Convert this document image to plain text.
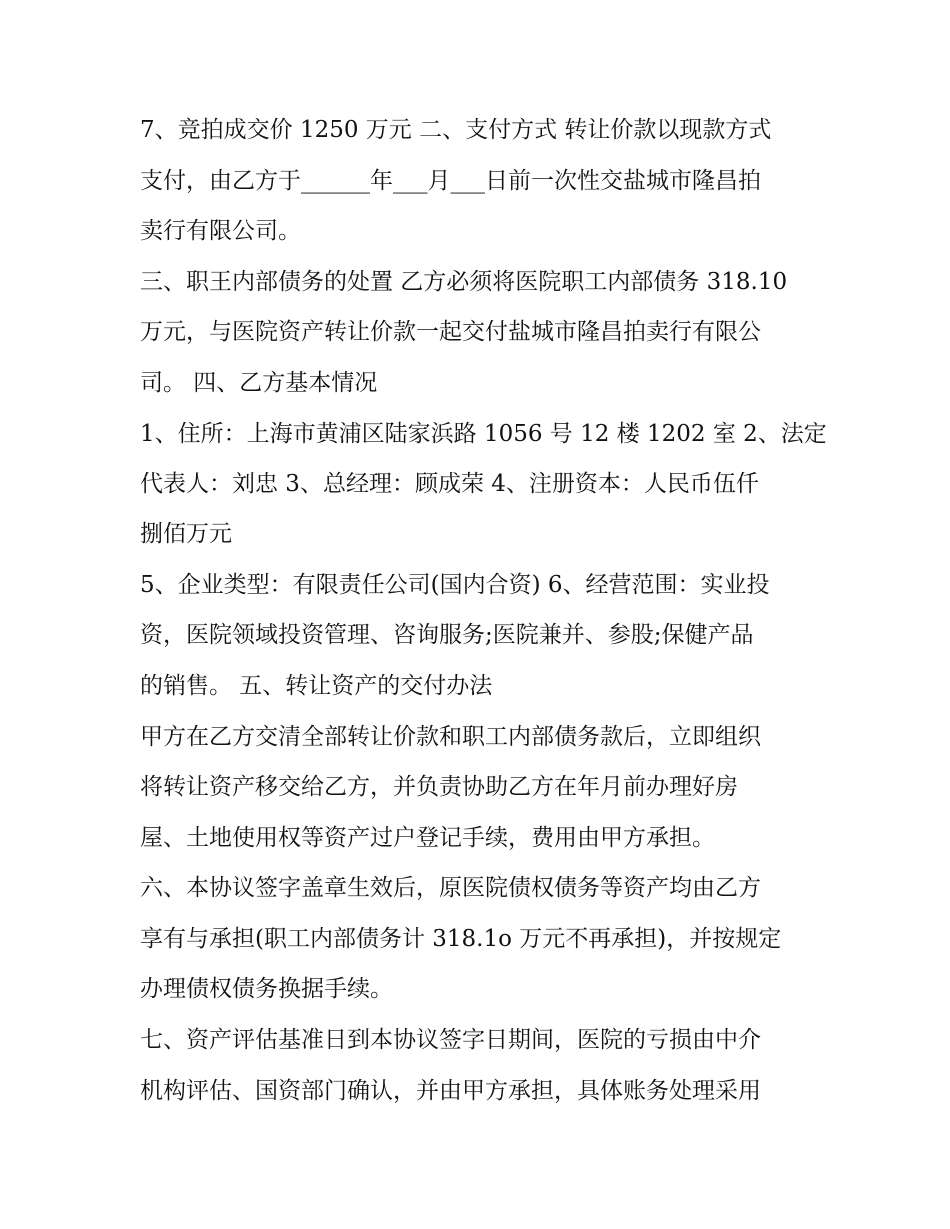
7、竞拍成交价 1250 万元 二、支付方式 转让价款以现款方式
支付，由乙方于______年___月___日前一次性交盐城市隆昌拍
卖行有限公司。
三、职王内部债务的处置 乙方必须将医院职工内部债务 318.10
万元，与医院资产转让价款一起交付盐城市隆昌拍卖行有限公
司。 四、乙方基本情况
1、住所：上海市黄浦区陆家浜路 1056 号 12 楼 1202 室 2、法定
代表人：刘忠 3、总经理：顾成荣 4、注册资本：人民币伍仟
捌佰万元
5、企业类型：有限责任公司(国内合资) 6、经营范围：实业投
资，医院领域投资管理、咨询服务;医院兼并、参股;保健产品
的销售。 五、转让资产的交付办法
甲方在乙方交清全部转让价款和职工内部债务款后，立即组织
将转让资产移交给乙方，并负责协助乙方在年月前办理好房
屋、土地使用权等资产过户登记手续，费用由甲方承担。
六、本协议签字盖章生效后，原医院债权债务等资产均由乙方
享有与承担(职工内部债务计 318.1o 万元不再承担)，并按规定
办理债权债务换据手续。
七、资产评估基准日到本协议签字日期间，医院的亏损由中介
机构评估、国资部门确认，并由甲方承担，具体账务处理采用
